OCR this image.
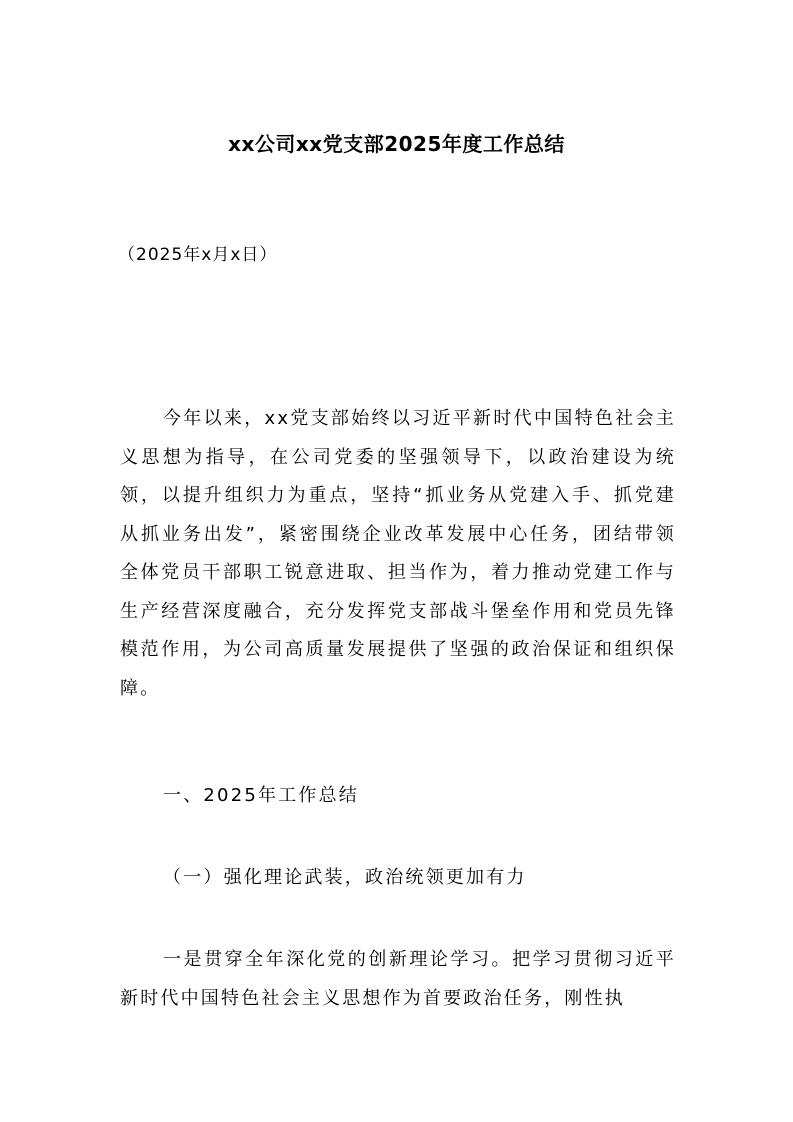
xx公司xx党支部2025年度工作总结
（2025年x月x日）
今年以来，xx党支部始终以习近平新时代中国特色社会主义思想为指导，在公司党委的坚强领导下，以政治建设为统领，以提升组织力为重点，坚持“抓业务从党建入手、抓党建从抓业务出发”，紧密围绕企业改革发展中心任务，团结带领全体党员干部职工锐意进取、担当作为，着力推动党建工作与生产经营深度融合，充分发挥党支部战斗堡垒作用和党员先锋模范作用，为公司高质量发展提供了坚强的政治保证和组织保障。
一、2025年工作总结
（一）强化理论武装，政治统领更加有力
一是贯穿全年深化党的创新理论学习。把学习贯彻习近平新时代中国特色社会主义思想作为首要政治任务，刚性执
